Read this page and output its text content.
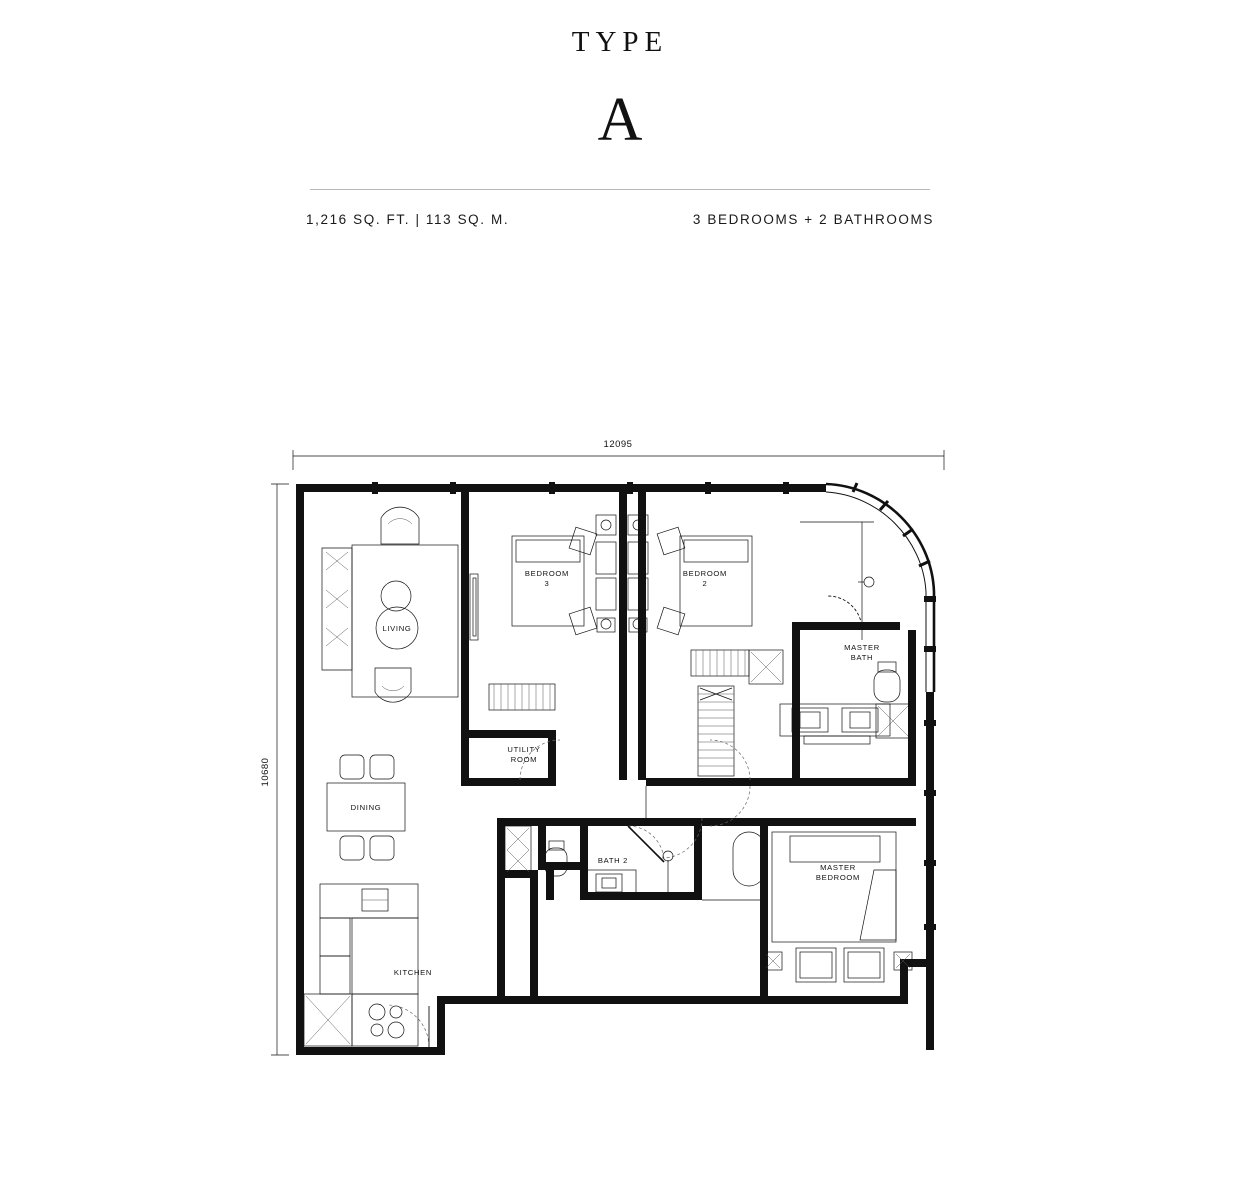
TYPE
A
1,216 SQ. FT. | 113 SQ. M.	3 BEDROOMS + 2 BATHROOMS
12095
10680
LIVING
DINING
KITCHEN
BEDROOM
3
BEDROOM
2
UTILITY
ROOM
MASTER
BATH
MASTER
BEDROOM
BATH 2
